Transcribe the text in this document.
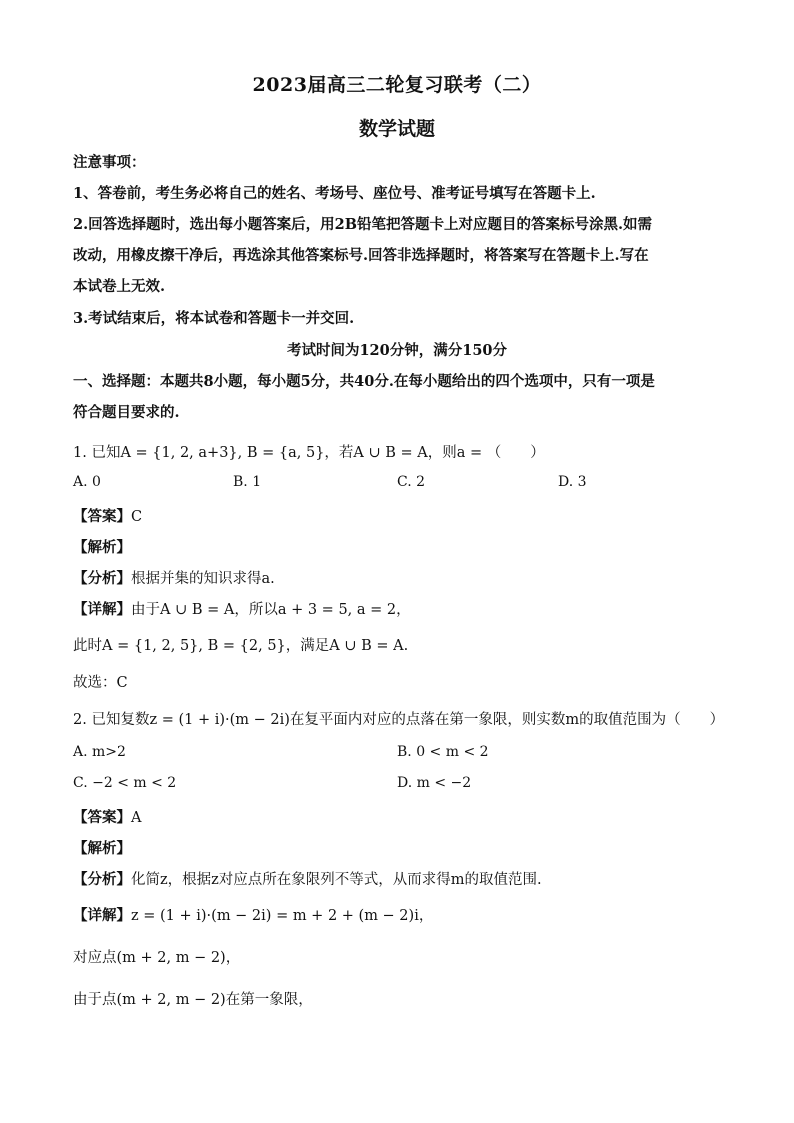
2023届高三二轮复习联考（二）
数学试题
注意事项：
1、答卷前，考生务必将自己的姓名、考场号、座位号、准考证号填写在答题卡上.
2.回答选择题时，选出每小题答案后，用2B铅笔把答题卡上对应题目的答案标号涂黑.如需
改动，用橡皮擦干净后，再选涂其他答案标号.回答非选择题时，将答案写在答题卡上.写在
本试卷上无效.
3.考试结束后，将本试卷和答题卡一并交回.
考试时间为120分钟，满分150分
一、选择题：本题共8小题，每小题5分，共40分.在每小题给出的四个选项中，只有一项是
符合题目要求的.
1. 已知A = {1, 2, a+3}, B = {a, 5}，若A ∪ B = A，则a = （　　）
A. 0	B. 1	C. 2	D. 3
【答案】C
【解析】
【分析】根据并集的知识求得a.
【详解】由于A ∪ B = A，所以a + 3 = 5, a = 2，
此时A = {1, 2, 5}, B = {2, 5}，满足A ∪ B = A.
故选：C
2. 已知复数z = (1 + i)·(m − 2i)在复平面内对应的点落在第一象限，则实数m的取值范围为（　　）
A. m>2	B. 0 < m < 2
C. −2 < m < 2	D. m < −2
【答案】A
【解析】
【分析】化简z，根据z对应点所在象限列不等式，从而求得m的取值范围.
【详解】z = (1 + i)·(m − 2i) = m + 2 + (m − 2)i，
对应点(m + 2, m − 2)，
由于点(m + 2, m − 2)在第一象限，
